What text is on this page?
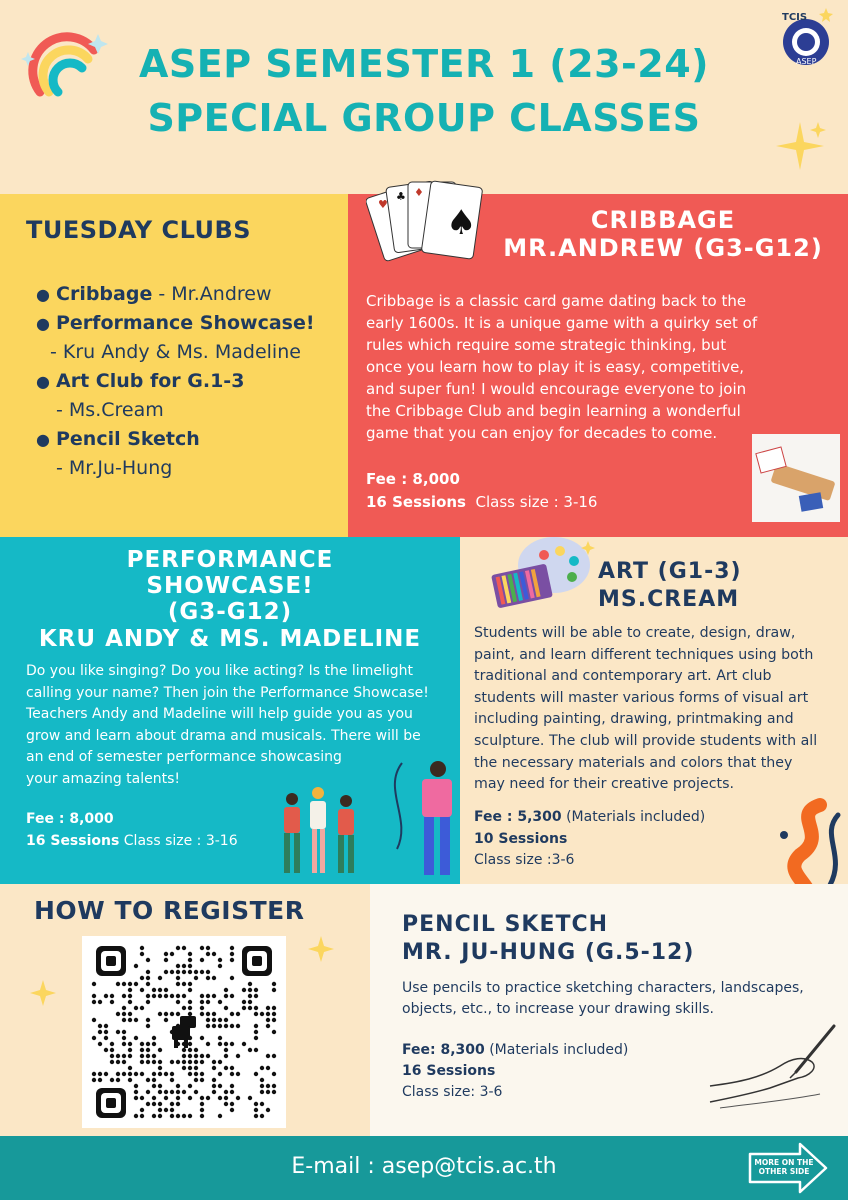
ASEP SEMESTER 1 (23-24)
SPECIAL GROUP CLASSES
TCIS
ASEP
TUESDAY CLUBS
● Cribbage - Mr.Andrew
● Performance Showcase!
- Kru Andy & Ms. Madeline
● Art Club for G.1-3
- Ms.Cream
● Pencil Sketch
- Mr.Ju-Hung
♠
♥
♣ ♦
CRIBBAGE
MR.ANDREW (G3-G12)
Cribbage is a classic card game dating back to the
early 1600s. It is a unique game with a quirky set of
rules which require some strategic thinking, but
once you learn how to play it is easy, competitive,
and super fun! I would encourage everyone to join
the Cribbage Club and begin learning a wonderful
game that you can enjoy for decades to come.
Fee : 8,000
16 Sessions Class size : 3-16
PERFORMANCE
SHOWCASE!
(G3-G12)
KRU ANDY & MS. MADELINE
Do you like singing? Do you like acting? Is the limelight
calling your name? Then join the Performance Showcase!
Teachers Andy and Madeline will help guide you as you
grow and learn about drama and musicals. There will be
an end of semester performance showcasing
your amazing talents!
Fee : 8,000
16 Sessions Class size : 3-16
ART (G1-3)
MS.CREAM
Students will be able to create, design, draw,
paint, and learn different techniques using both
traditional and contemporary art. Art club
students will master various forms of visual art
including painting, drawing, printmaking and
sculpture. The club will provide students with all
the necessary materials and colors that they
may need for their creative projects.
Fee : 5,300 (Materials included)
10 Sessions
Class size :3-6
HOW TO REGISTER	PENCIL SKETCH
MR. JU-HUNG (G.5-12)
Use pencils to practice sketching characters, landscapes,
objects, etc., to increase your drawing skills.
Fee: 8,300 (Materials included)
16 Sessions
Class size: 3-6
E-mail : asep@tcis.ac.th	MORE ON THE
OTHER SIDE
